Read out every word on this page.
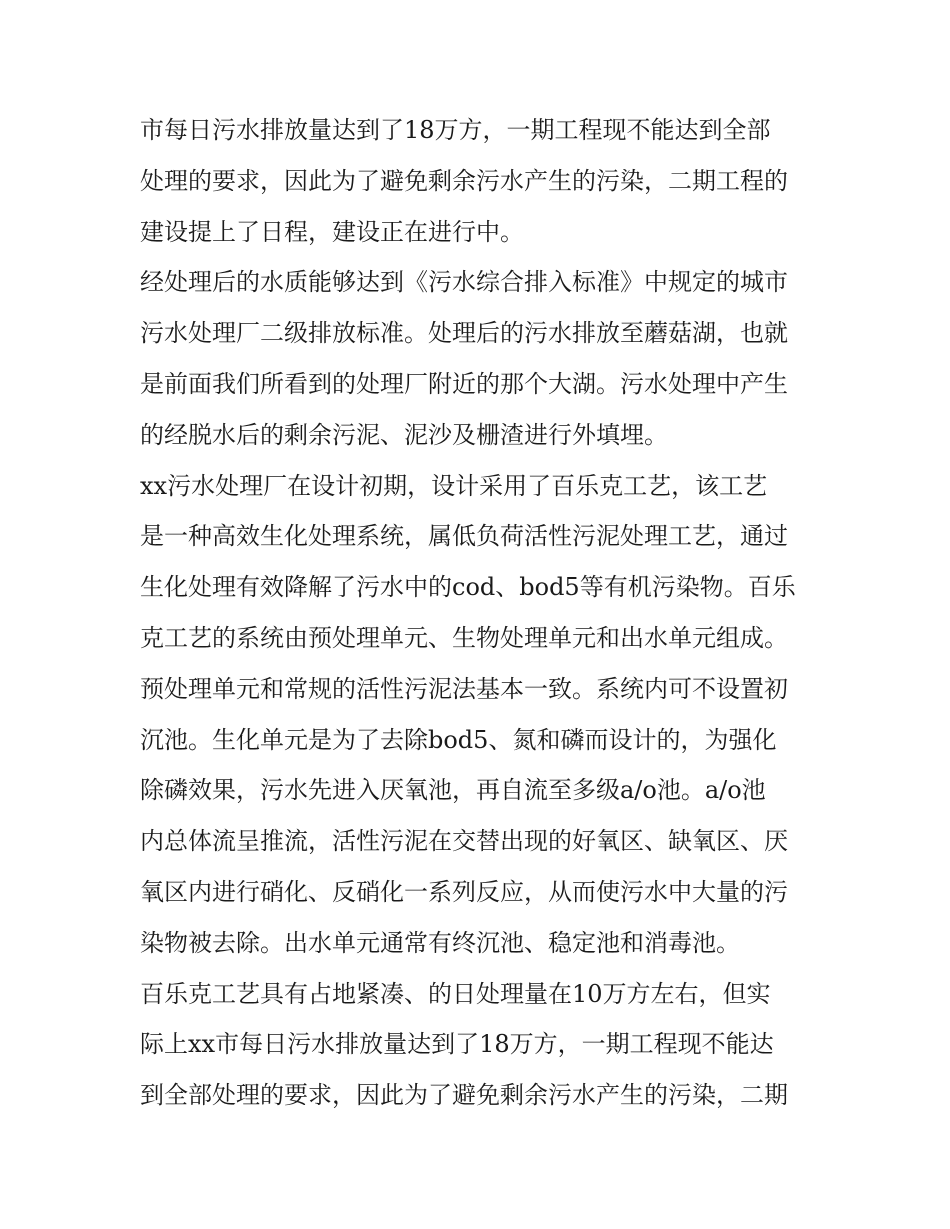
市每日污水排放量达到了18万方，一期工程现不能达到全部
处理的要求，因此为了避免剩余污水产生的污染，二期工程的
建设提上了日程，建设正在进行中。
经处理后的水质能够达到《污水综合排入标准》中规定的城市
污水处理厂二级排放标准。处理后的污水排放至蘑菇湖，也就
是前面我们所看到的处理厂附近的那个大湖。污水处理中产生
的经脱水后的剩余污泥、泥沙及栅渣进行外填埋。
xx污水处理厂在设计初期，设计采用了百乐克工艺，该工艺
是一种高效生化处理系统，属低负荷活性污泥处理工艺，通过
生化处理有效降解了污水中的cod、bod5等有机污染物。百乐
克工艺的系统由预处理单元、生物处理单元和出水单元组成。
预处理单元和常规的活性污泥法基本一致。系统内可不设置初
沉池。生化单元是为了去除bod5、氮和磷而设计的，为强化
除磷效果，污水先进入厌氧池，再自流至多级a/o池。a/o池
内总体流呈推流，活性污泥在交替出现的好氧区、缺氧区、厌
氧区内进行硝化、反硝化一系列反应，从而使污水中大量的污
染物被去除。出水单元通常有终沉池、稳定池和消毒池。
百乐克工艺具有占地紧凑、的日处理量在10万方左右，但实
际上xx市每日污水排放量达到了18万方，一期工程现不能达
到全部处理的要求，因此为了避免剩余污水产生的污染，二期
